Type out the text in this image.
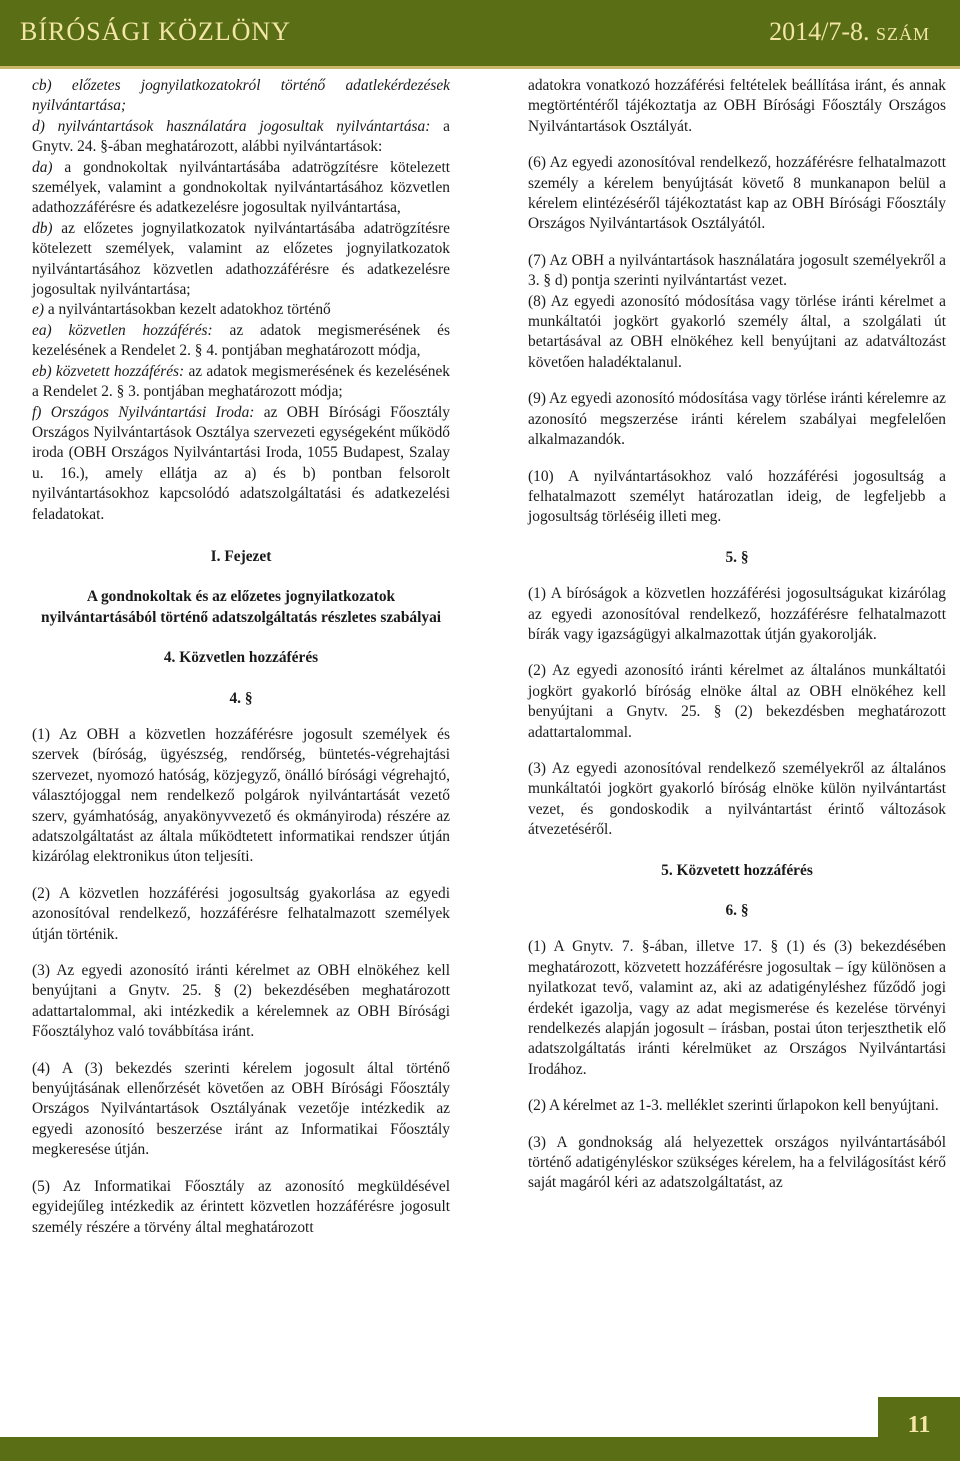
BÍRÓSÁGI KÖZLÖNY	2014/7-8. SZÁM

cb) előzetes jognyilatkozatokról történő adatlekérdezések nyilvántartása;

d) nyilvántartások használatára jogosultak nyilvántartása: a Gnytv. 24. §-ában meghatározott, alábbi nyilvántartások:

da) a gondnokoltak nyilvántartásába adatrögzítésre kötelezett személyek, valamint a gondnokoltak nyilvántartásához közvetlen adathozzáférésre és adatkezelésre jogosultak nyilvántartása,

db) az előzetes jognyilatkozatok nyilvántartásába adatrögzítésre kötelezett személyek, valamint az előzetes jognyilatkozatok nyilvántartásához közvetlen adathozzáférésre és adatkezelésre jogosultak nyilvántartása;

e) a nyilvántartásokban kezelt adatokhoz történő

ea) közvetlen hozzáférés: az adatok megismerésének és kezelésének a Rendelet 2. § 4. pontjában meghatározott módja,

eb) közvetett hozzáférés: az adatok megismerésének és kezelésének a Rendelet 2. § 3. pontjában meghatározott módja;

f) Országos Nyilvántartási Iroda: az OBH Bírósági Főosztály Országos Nyilvántartások Osztálya szervezeti egységeként működő iroda (OBH Országos Nyilvántartási Iroda, 1055 Budapest, Szalay u. 16.), amely ellátja az a) és b) pontban felsorolt nyilvántartásokhoz kapcsolódó adatszolgáltatási és adatkezelési feladatokat.

I. Fejezet

A gondnokoltak és az előzetes jognyilatkozatok nyilvántartásából történő adatszolgáltatás részletes szabályai

4. Közvetlen hozzáférés

4. §

(1) Az OBH a közvetlen hozzáférésre jogosult személyek és szervek (bíróság, ügyészség, rendőrség, büntetés-végrehajtási szervezet, nyomozó hatóság, közjegyző, önálló bírósági végrehajtó, választójoggal nem rendelkező polgárok nyilvántartását vezető szerv, gyámhatóság, anyakönyvvezető és okmányiroda) részére az adatszolgáltatást az általa működtetett informatikai rendszer útján kizárólag elektronikus úton teljesíti.

(2) A közvetlen hozzáférési jogosultság gyakorlása az egyedi azonosítóval rendelkező, hozzáférésre felhatalmazott személyek útján történik.

(3) Az egyedi azonosító iránti kérelmet az OBH elnökéhez kell benyújtani a Gnytv. 25. § (2) bekezdésében meghatározott adattartalommal, aki intézkedik a kérelemnek az OBH Bírósági Főosztályhoz való továbbítása iránt.

(4) A (3) bekezdés szerinti kérelem jogosult által történő benyújtásának ellenőrzését követően az OBH Bírósági Főosztály Országos Nyilvántartások Osztályának vezetője intézkedik az egyedi azonosító beszerzése iránt az Informatikai Főosztály megkeresése útján.

(5) Az Informatikai Főosztály az azonosító megküldésével egyidejűleg intézkedik az érintett közvetlen hozzáférésre jogosult személy részére a törvény által meghatározott

adatokra vonatkozó hozzáférési feltételek beállítása iránt, és annak megtörténtéről tájékoztatja az OBH Bírósági Főosztály Országos Nyilvántartások Osztályát.

(6) Az egyedi azonosítóval rendelkező, hozzáférésre felhatalmazott személy a kérelem benyújtását követő 8 munkanapon belül a kérelem elintézéséről tájékoztatást kap az OBH Bírósági Főosztály Országos Nyilvántartások Osztályától.

(7) Az OBH a nyilvántartások használatára jogosult személyekről a 3. § d) pontja szerinti nyilvántartást vezet.

(8) Az egyedi azonosító módosítása vagy törlése iránti kérelmet a munkáltatói jogkört gyakorló személy által, a szolgálati út betartásával az OBH elnökéhez kell benyújtani az adatváltozást követően haladéktalanul.

(9) Az egyedi azonosító módosítása vagy törlése iránti kérelemre az azonosító megszerzése iránti kérelem szabályai megfelelően alkalmazandók.

(10) A nyilvántartásokhoz való hozzáférési jogosultság a felhatalmazott személyt határozatlan ideig, de legfeljebb a jogosultság törléséig illeti meg.

5. §

(1) A bíróságok a közvetlen hozzáférési jogosultságukat kizárólag az egyedi azonosítóval rendelkező, hozzáférésre felhatalmazott bírák vagy igazságügyi alkalmazottak útján gyakorolják.

(2) Az egyedi azonosító iránti kérelmet az általános munkáltatói jogkört gyakorló bíróság elnöke által az OBH elnökéhez kell benyújtani a Gnytv. 25. § (2) bekezdésben meghatározott adattartalommal.

(3) Az egyedi azonosítóval rendelkező személyekről az általános munkáltatói jogkört gyakorló bíróság elnöke külön nyilvántartást vezet, és gondoskodik a nyilvántartást érintő változások átvezetéséről.

5. Közvetett hozzáférés

6. §

(1) A Gnytv. 7. §-ában, illetve 17. § (1) és (3) bekezdésében meghatározott, közvetett hozzáférésre jogosultak – így különösen a nyilatkozat tevő, valamint az, aki az adatigényléshez fűződő jogi érdekét igazolja, vagy az adat megismerése és kezelése törvényi rendelkezés alapján jogosult – írásban, postai úton terjeszthetik elő adatszolgáltatás iránti kérelmüket az Országos Nyilvántartási Irodához.

(2) A kérelmet az 1-3. melléklet szerinti űrlapokon kell benyújtani.

(3) A gondnokság alá helyezettek országos nyilvántartásából történő adatigényléskor szükséges kérelem, ha a felvilágosítást kérő saját magáról kéri az adatszolgáltatást, az

11
